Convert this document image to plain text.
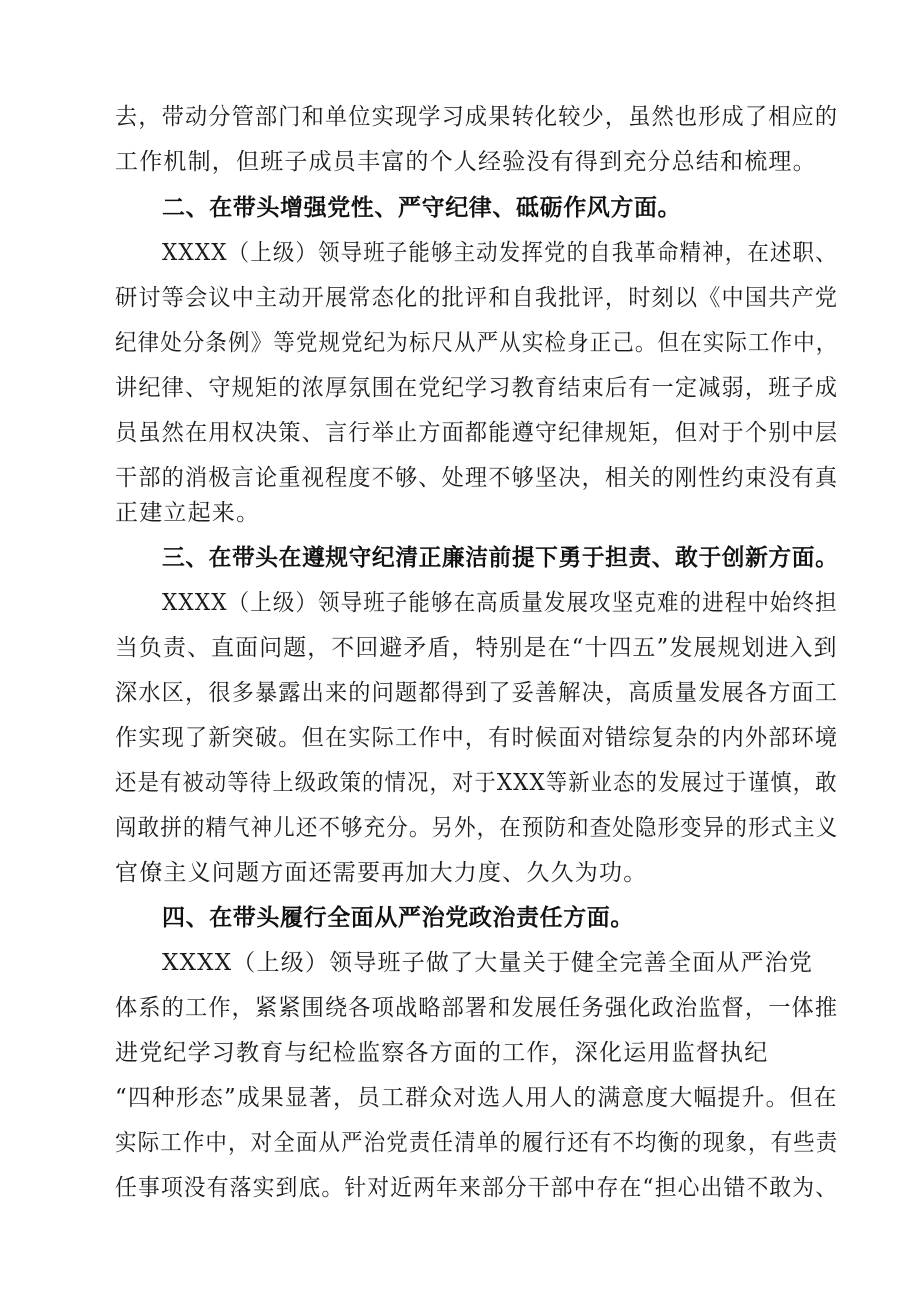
去，带动分管部门和单位实现学习成果转化较少，虽然也形成了相应的
工作机制，但班子成员丰富的个人经验没有得到充分总结和梳理。
二、在带头增强党性、严守纪律、砥砺作风方面。
XXXX（上级）领导班子能够主动发挥党的自我革命精神，在述职、
研讨等会议中主动开展常态化的批评和自我批评，时刻以《中国共产党
纪律处分条例》等党规党纪为标尺从严从实检身正己。但在实际工作中，
讲纪律、守规矩的浓厚氛围在党纪学习教育结束后有一定减弱，班子成
员虽然在用权决策、言行举止方面都能遵守纪律规矩，但对于个别中层
干部的消极言论重视程度不够、处理不够坚决，相关的刚性约束没有真
正建立起来。
三、在带头在遵规守纪清正廉洁前提下勇于担责、敢于创新方面。
XXXX（上级）领导班子能够在高质量发展攻坚克难的进程中始终担
当负责、直面问题，不回避矛盾，特别是在“十四五”发展规划进入到
深水区，很多暴露出来的问题都得到了妥善解决，高质量发展各方面工
作实现了新突破。但在实际工作中，有时候面对错综复杂的内外部环境
还是有被动等待上级政策的情况，对于XXX等新业态的发展过于谨慎，敢
闯敢拼的精气神儿还不够充分。另外，在预防和查处隐形变异的形式主义
官僚主义问题方面还需要再加大力度、久久为功。
四、在带头履行全面从严治党政治责任方面。
XXXX（上级）领导班子做了大量关于健全完善全面从严治党
体系的工作，紧紧围绕各项战略部署和发展任务强化政治监督，一体推
进党纪学习教育与纪检监察各方面的工作，深化运用监督执纪
“四种形态”成果显著，员工群众对选人用人的满意度大幅提升。但在
实际工作中，对全面从严治党责任清单的履行还有不均衡的现象，有些责
任事项没有落实到底。针对近两年来部分干部中存在“担心出错不敢为、
